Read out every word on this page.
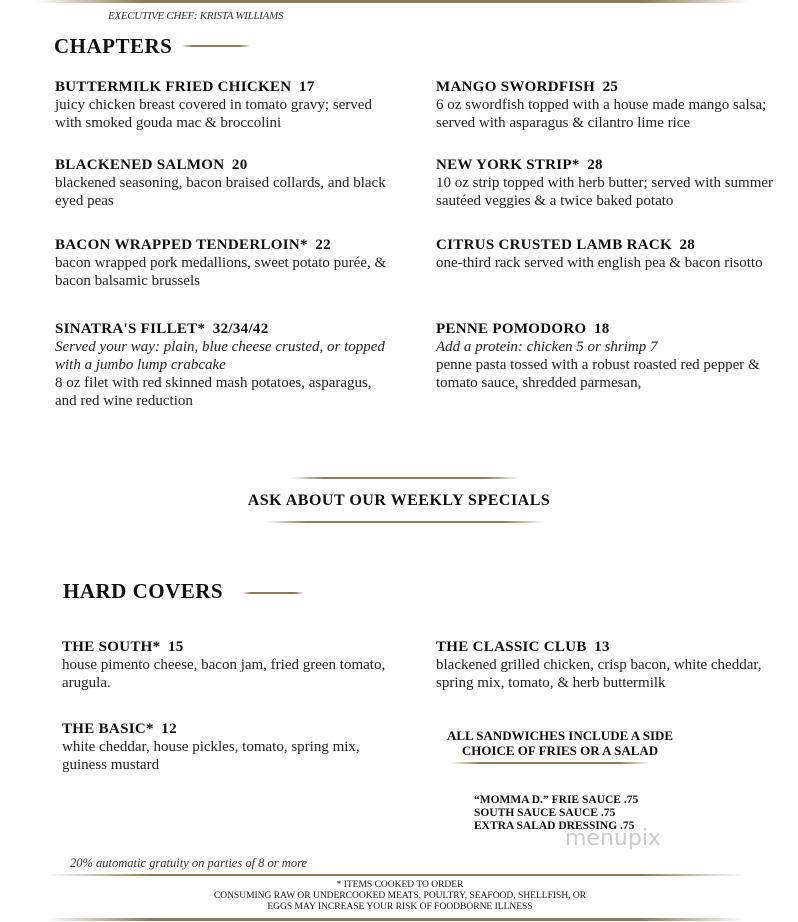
EXECUTIVE CHEF: KRISTA WILLIAMS
CHAPTERS
BUTTERMILK FRIED CHICKEN 17
juicy chicken breast covered in tomato gravy; served with smoked gouda mac & broccolini
MANGO SWORDFISH 25
6 oz swordfish topped with a house made mango salsa; served with asparagus & cilantro lime rice
BLACKENED SALMON 20
blackened seasoning, bacon braised collards, and black eyed peas
NEW YORK STRIP* 28
10 oz strip topped with herb butter; served with summer sautéed veggies & a twice baked potato
BACON WRAPPED TENDERLOIN* 22
bacon wrapped pork medallions, sweet potato purée, & bacon balsamic brussels
CITRUS CRUSTED LAMB RACK 28
one-third rack served with english pea & bacon risotto
SINATRA'S FILLET* 32/34/42
Served your way: plain, blue cheese crusted, or topped with a jumbo lump crabcake
8 oz filet with red skinned mash potatoes, asparagus, and red wine reduction
PENNE POMODORO 18
Add a protein: chicken 5 or shrimp 7
penne pasta tossed with a robust roasted red pepper & tomato sauce, shredded parmesan,
ASK ABOUT OUR WEEKLY SPECIALS
HARD COVERS
THE SOUTH* 15
house pimento cheese, bacon jam, fried green tomato, arugula.
THE CLASSIC CLUB 13
blackened grilled chicken, crisp bacon, white cheddar, spring mix, tomato, & herb buttermilk
THE BASIC* 12
white cheddar, house pickles, tomato, spring mix, guiness mustard
ALL SANDWICHES INCLUDE A SIDE
CHOICE OF FRIES OR A SALAD
“MOMMA D.” FRIE SAUCE .75
SOUTH SAUCE SAUCE .75
EXTRA SALAD DRESSING .75
menupix
20% automatic gratuity on parties of 8 or more
* ITEMS COOKED TO ORDER
CONSUMING RAW OR UNDERCOOKED MEATS, POULTRY, SEAFOOD, SHELLFISH, OR
EGGS MAY INCREASE YOUR RISK OF FOODBORNE ILLNESS
